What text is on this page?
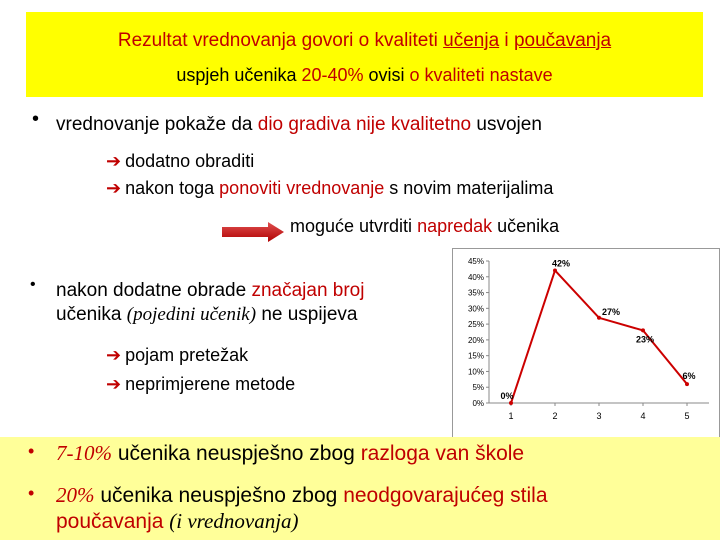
Rezultat vrednovanja govori o kvaliteti učenja i poučavanja
uspjeh učenika 20-40% ovisi o kvaliteti nastave
• vrednovanje pokaže da dio gradiva nije kvalitetno usvojen
➔ dodatno obraditi
➔ nakon toga ponoviti vrednovanje s novim materijalima
moguće utvrditi napredak učenika
• nakon dodatne obrade značajan broj
učenika (pojedini učenik) ne uspijeva
➔ pojam pretežak
➔ neprimjerene metode
0%
5%
10%
15%
20%
25%
30%
35%
40%
45%
1	2	3	4	5
0%
42%
27%
23%
6%
• 7-10% učenika neuspješno zbog razloga van škole
• 20% učenika neuspješno zbog neodgovarajućeg stila
poučavanja (i vrednovanja)
